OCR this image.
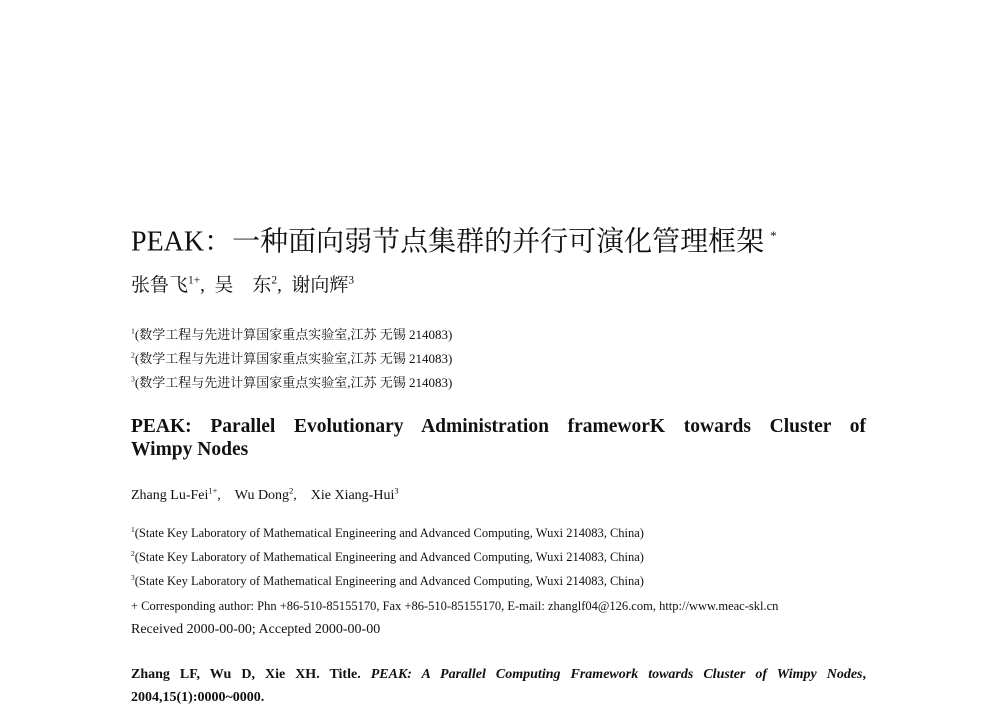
PEAK：一种面向弱节点集群的并行可演化管理框架 *
张鲁飞$^{1+}$, 吴　东$^2$, 谢向辉$^3$
$^1$(数学工程与先进计算国家重点实验室,江苏 无锡 214083)
$^2$(数学工程与先进计算国家重点实验室,江苏 无锡 214083)
$^3$(数学工程与先进计算国家重点实验室,江苏 无锡 214083)
PEAK: Parallel Evolutionary Administration frameworK towards Cluster of
Wimpy Nodes
Zhang Lu-Fei$^{1+}$, Wu Dong$^2$, Xie Xiang-Hui$^3$
$^1$(State Key Laboratory of Mathematical Engineering and Advanced Computing, Wuxi 214083, China)
$^2$(State Key Laboratory of Mathematical Engineering and Advanced Computing, Wuxi 214083, China)
$^3$(State Key Laboratory of Mathematical Engineering and Advanced Computing, Wuxi 214083, China)
+ Corresponding author: Phn +86-510-85155170, Fax +86-510-85155170, E-mail: zhanglf04@126.com, http://www.meac-skl.cn
Received 2000-00-00; Accepted 2000-00-00
Zhang LF, Wu D, Xie XH. Title. PEAK: A Parallel Computing Framework towards Cluster of Wimpy Nodes,
2004,15(1):0000~0000.
